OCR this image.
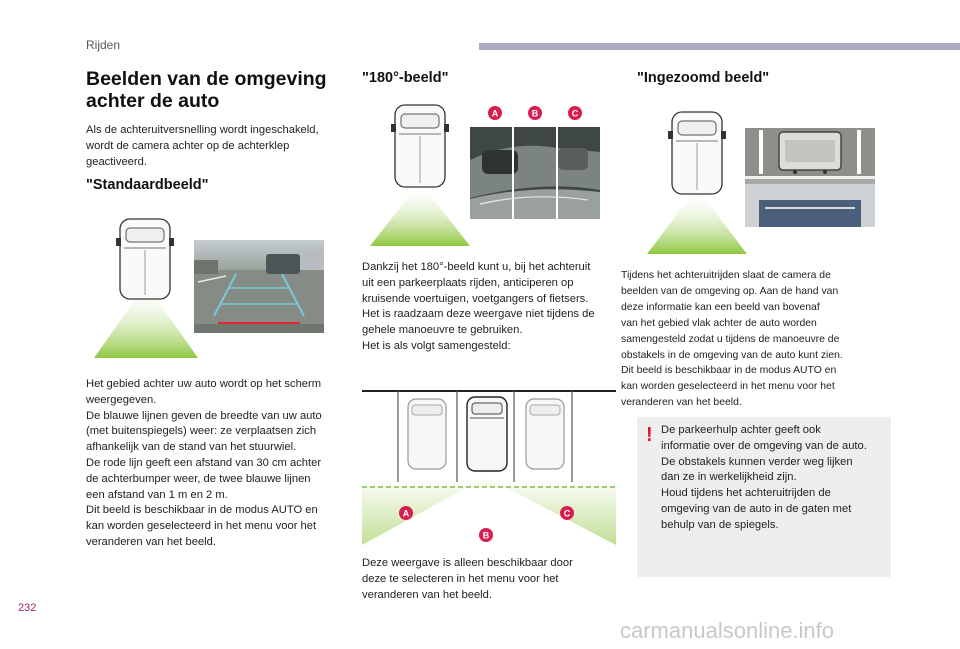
Rijden
Beelden van de omgeving
achter de auto

Als de achteruitversnelling wordt ingeschakeld,
wordt de camera achter op de achterklep
geactiveerd.

"Standaardbeeld"

Het gebied achter uw auto wordt op het scherm
weergegeven.
De blauwe lijnen geven de breedte van uw auto
(met buitenspiegels) weer: ze verplaatsen zich
afhankelijk van de stand van het stuurwiel.
De rode lijn geeft een afstand van 30 cm achter
de achterbumper weer, de twee blauwe lijnen
een afstand van 1 m en 2 m.
Dit beeld is beschikbaar in de modus AUTO en
kan worden geselecteerd in het menu voor het
veranderen van het beeld.

"180°-beeld"
A	B	C

Dankzij het 180°-beeld kunt u, bij het achteruit
uit een parkeerplaats rijden, anticiperen op
kruisende voertuigen, voetgangers of fietsers.
Het is raadzaam deze weergave niet tijdens de
gehele manoeuvre te gebruiken.
Het is als volgt samengesteld:

A
B
C

Deze weergave is alleen beschikbaar door
deze te selecteren in het menu voor het
veranderen van het beeld.

"Ingezoomd beeld"

Tijdens het achteruitrijden slaat de camera de
beelden van de omgeving op. Aan de hand van
deze informatie kan een beeld van bovenaf
van het gebied vlak achter de auto worden
samengesteld zodat u tijdens de manoeuvre de
obstakels in de omgeving van de auto kunt zien.
Dit beeld is beschikbaar in de modus AUTO en
kan worden geselecteerd in het menu voor het
veranderen van het beeld.

! De parkeerhulp achter geeft ook
informatie over de omgeving van de auto.
De obstakels kunnen verder weg lijken
dan ze in werkelijkheid zijn.
Houd tijdens het achteruitrijden de
omgeving van de auto in de gaten met
behulp van de spiegels.

232
carmanualsonline.info
